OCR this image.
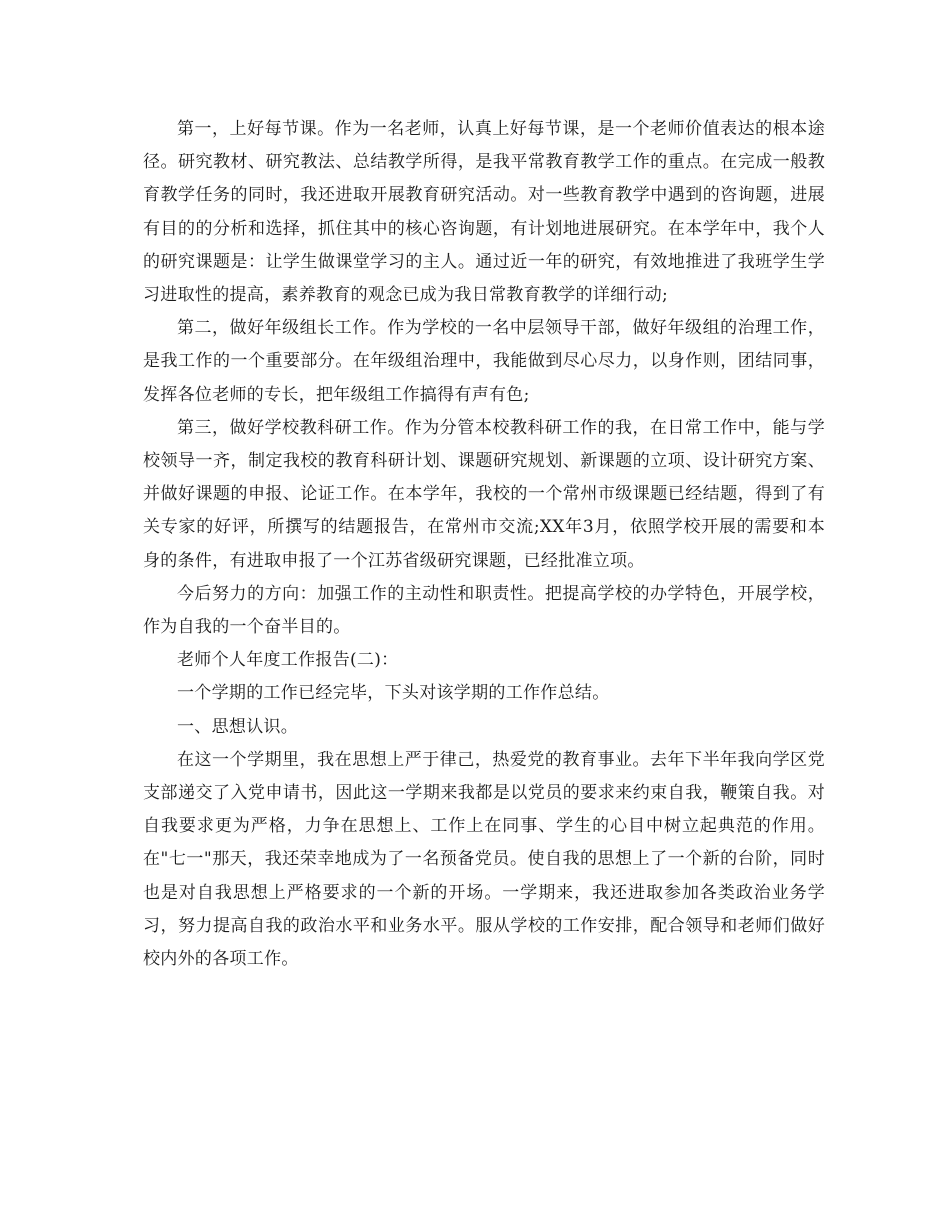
第一，上好每节课。作为一名老师，认真上好每节课，是一个老师价值表达的根本途径。研究教材、研究教法、总结教学所得，是我平常教育教学工作的重点。在完成一般教育教学任务的同时，我还进取开展教育研究活动。对一些教育教学中遇到的咨询题，进展有目的的分析和选择，抓住其中的核心咨询题，有计划地进展研究。在本学年中，我个人的研究课题是：让学生做课堂学习的主人。通过近一年的研究，有效地推进了我班学生学习进取性的提高，素养教育的观念已成为我日常教育教学的详细行动;

第二，做好年级组长工作。作为学校的一名中层领导干部，做好年级组的治理工作，是我工作的一个重要部分。在年级组治理中，我能做到尽心尽力，以身作则，团结同事，发挥各位老师的专长，把年级组工作搞得有声有色;

第三，做好学校教科研工作。作为分管本校教科研工作的我，在日常工作中，能与学校领导一齐，制定我校的教育科研计划、课题研究规划、新课题的立项、设计研究方案、并做好课题的申报、论证工作。在本学年，我校的一个常州市级课题已经结题，得到了有关专家的好评，所撰写的结题报告，在常州市交流;XX年3月，依照学校开展的需要和本身的条件，有进取申报了一个江苏省级研究课题，已经批准立项。

今后努力的方向：加强工作的主动性和职责性。把提高学校的办学特色，开展学校，作为自我的一个奋半目的。

老师个人年度工作报告(二)：

一个学期的工作已经完毕，下头对该学期的工作作总结。

一、思想认识。

在这一个学期里，我在思想上严于律己，热爱党的教育事业。去年下半年我向学区党支部递交了入党申请书，因此这一学期来我都是以党员的要求来约束自我，鞭策自我。对自我要求更为严格，力争在思想上、工作上在同事、学生的心目中树立起典范的作用。在"七一"那天，我还荣幸地成为了一名预备党员。使自我的思想上了一个新的台阶，同时也是对自我思想上严格要求的一个新的开场。一学期来，我还进取参加各类政治业务学习，努力提高自我的政治水平和业务水平。服从学校的工作安排，配合领导和老师们做好校内外的各项工作。
